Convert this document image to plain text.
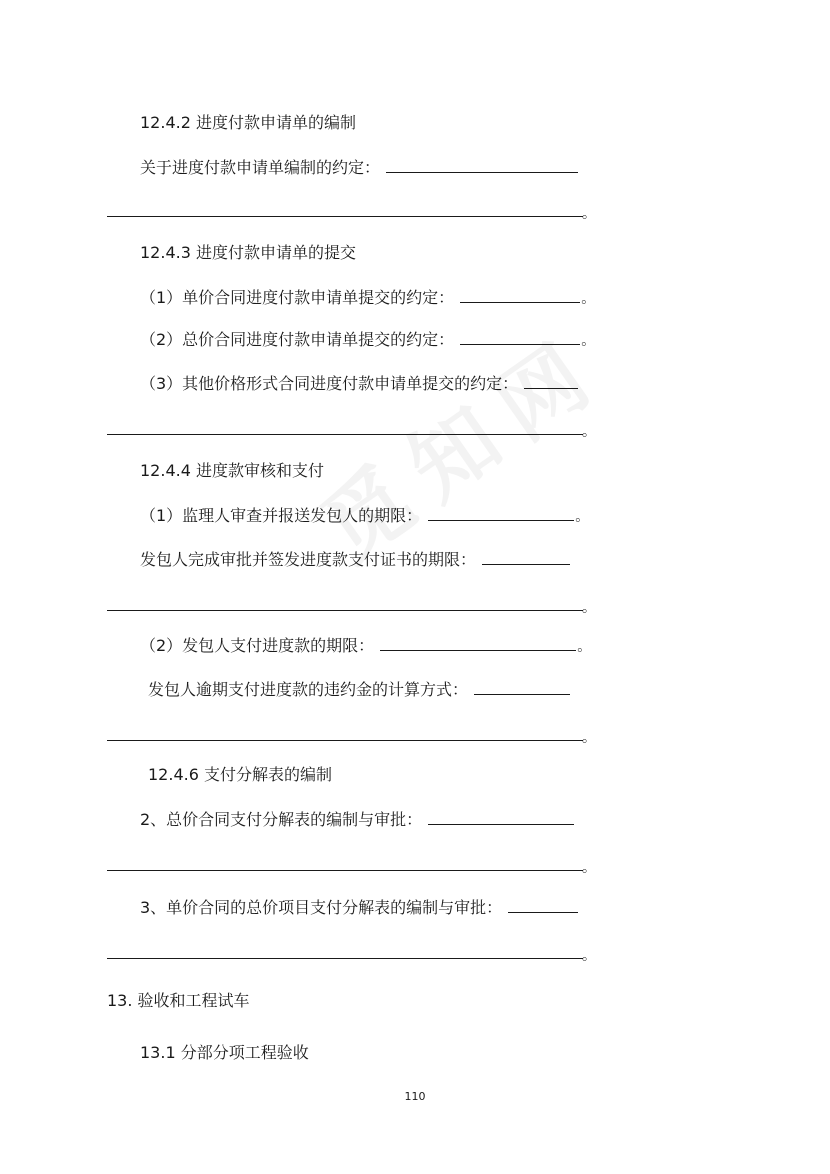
12.4.2 进度付款申请单的编制
关于进度付款申请单编制的约定：
。
12.4.3 进度付款申请单的提交
（1）单价合同进度付款申请单提交的约定：	。
（2）总价合同进度付款申请单提交的约定：	。
（3）其他价格形式合同进度付款申请单提交的约定：
。
12.4.4 进度款审核和支付
（1）监理人审查并报送发包人的期限：	。
发包人完成审批并签发进度款支付证书的期限：
。
（2）发包人支付进度款的期限：	。
发包人逾期支付进度款的违约金的计算方式：
。
12.4.6 支付分解表的编制
2、总价合同支付分解表的编制与审批：
。
3、单价合同的总价项目支付分解表的编制与审批：
。
13. 验收和工程试车
13.1 分部分项工程验收
110
